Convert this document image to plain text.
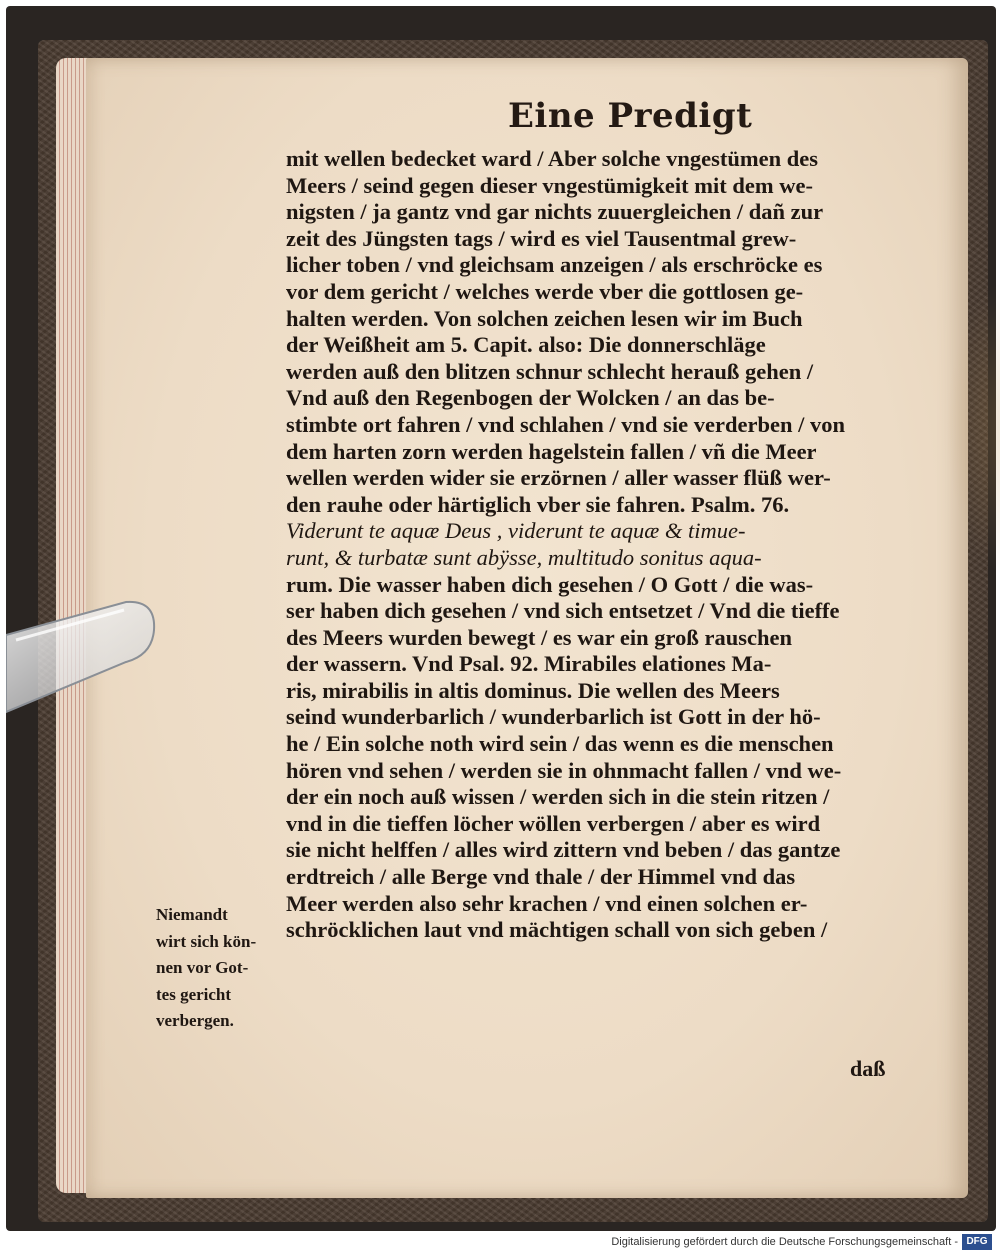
Eine Predigt
mit wellen bedecket ward / Aber solche vngestümen des
Meers / seind gegen dieser vngestümigkeit mit dem we-
nigsten / ja gantz vnd gar nichts zuuergleichen / dañ zur
zeit des Jüngsten tags / wird es viel Tausentmal grew-
licher toben / vnd gleichsam anzeigen / als erschröcke es
vor dem gericht / welches werde vber die gottlosen ge-
halten werden. Von solchen zeichen lesen wir im Buch
der Weißheit am 5. Capit. also: Die donnerschläge
werden auß den blitzen schnur schlecht herauß gehen /
Vnd auß den Regenbogen der Wolcken / an das be-
stimbte ort fahren / vnd schlahen / vnd sie verderben / von
dem harten zorn werden hagelstein fallen / vñ die Meer
wellen werden wider sie erzörnen / aller wasser flüß wer-
den rauhe oder härtiglich vber sie fahren. Psalm. 76.
Viderunt te aquæ Deus , viderunt te aquæ & timue-
runt, & turbatæ sunt abÿsse, multitudo sonitus aqua-
rum. Die wasser haben dich gesehen / O Gott / die was-
ser haben dich gesehen / vnd sich entsetzet / Vnd die tieffe
des Meers wurden bewegt / es war ein groß rauschen
der wassern. Vnd Psal. 92. Mirabiles elationes Ma-
ris, mirabilis in altis dominus. Die wellen des Meers
seind wunderbarlich / wunderbarlich ist Gott in der hö-
he / Ein solche noth wird sein / das wenn es die menschen
hören vnd sehen / werden sie in ohnmacht fallen / vnd we-
der ein noch auß wissen / werden sich in die stein ritzen /
vnd in die tieffen löcher wöllen verbergen / aber es wird
sie nicht helffen / alles wird zittern vnd beben / das gantze
erdtreich / alle Berge vnd thale / der Himmel vnd das
Meer werden also sehr krachen / vnd einen solchen er-
schröcklichen laut vnd mächtigen schall von sich geben /
daß
Niemandt
wirt sich kön-
nen vor Got-
tes gericht
verbergen.
Digitalisierung gefördert durch die Deutsche Forschungsgemeinschaft - DFG
